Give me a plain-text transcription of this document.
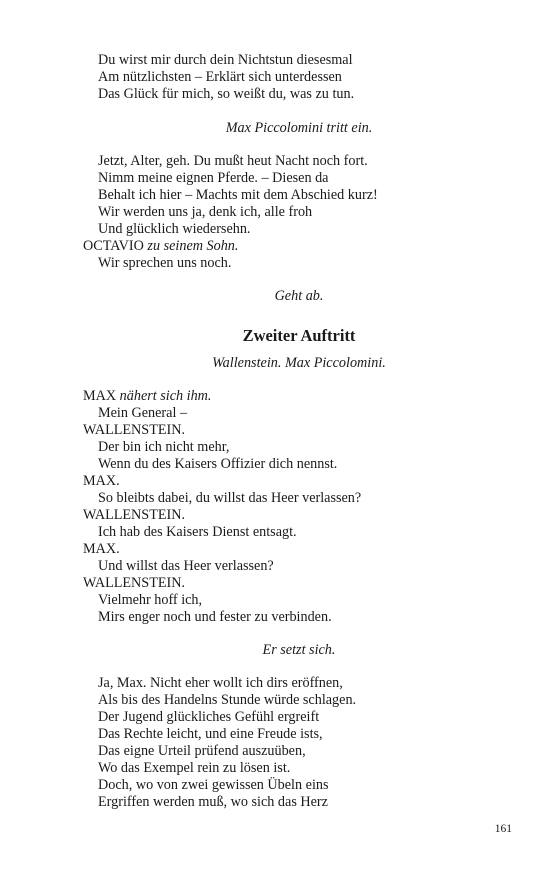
Du wirst mir durch dein Nichtstun diesesmal
Am nützlichsten – Erklärt sich unterdessen
Das Glück für mich, so weißt du, was zu tun.
Max Piccolomini tritt ein.
Jetzt, Alter, geh. Du mußt heut Nacht noch fort.
Nimm meine eignen Pferde. – Diesen da
Behalt ich hier – Machts mit dem Abschied kurz!
Wir werden uns ja, denk ich, alle froh
Und glücklich wiedersehn.
OCTAVIO zu seinem Sohn.
Wir sprechen uns noch.
Geht ab.
Zweiter Auftritt
Wallenstein. Max Piccolomini.
MAX nähert sich ihm.
Mein General –
WALLENSTEIN.
Der bin ich nicht mehr,
Wenn du des Kaisers Offizier dich nennst.
MAX.
So bleibts dabei, du willst das Heer verlassen?
WALLENSTEIN.
Ich hab des Kaisers Dienst entsagt.
MAX.
Und willst das Heer verlassen?
WALLENSTEIN.
Vielmehr hoff ich,
Mirs enger noch und fester zu verbinden.
Er setzt sich.
Ja, Max. Nicht eher wollt ich dirs eröffnen,
Als bis des Handelns Stunde würde schlagen.
Der Jugend glückliches Gefühl ergreift
Das Rechte leicht, und eine Freude ists,
Das eigne Urteil prüfend auszuüben,
Wo das Exempel rein zu lösen ist.
Doch, wo von zwei gewissen Übeln eins
Ergriffen werden muß, wo sich das Herz
161
